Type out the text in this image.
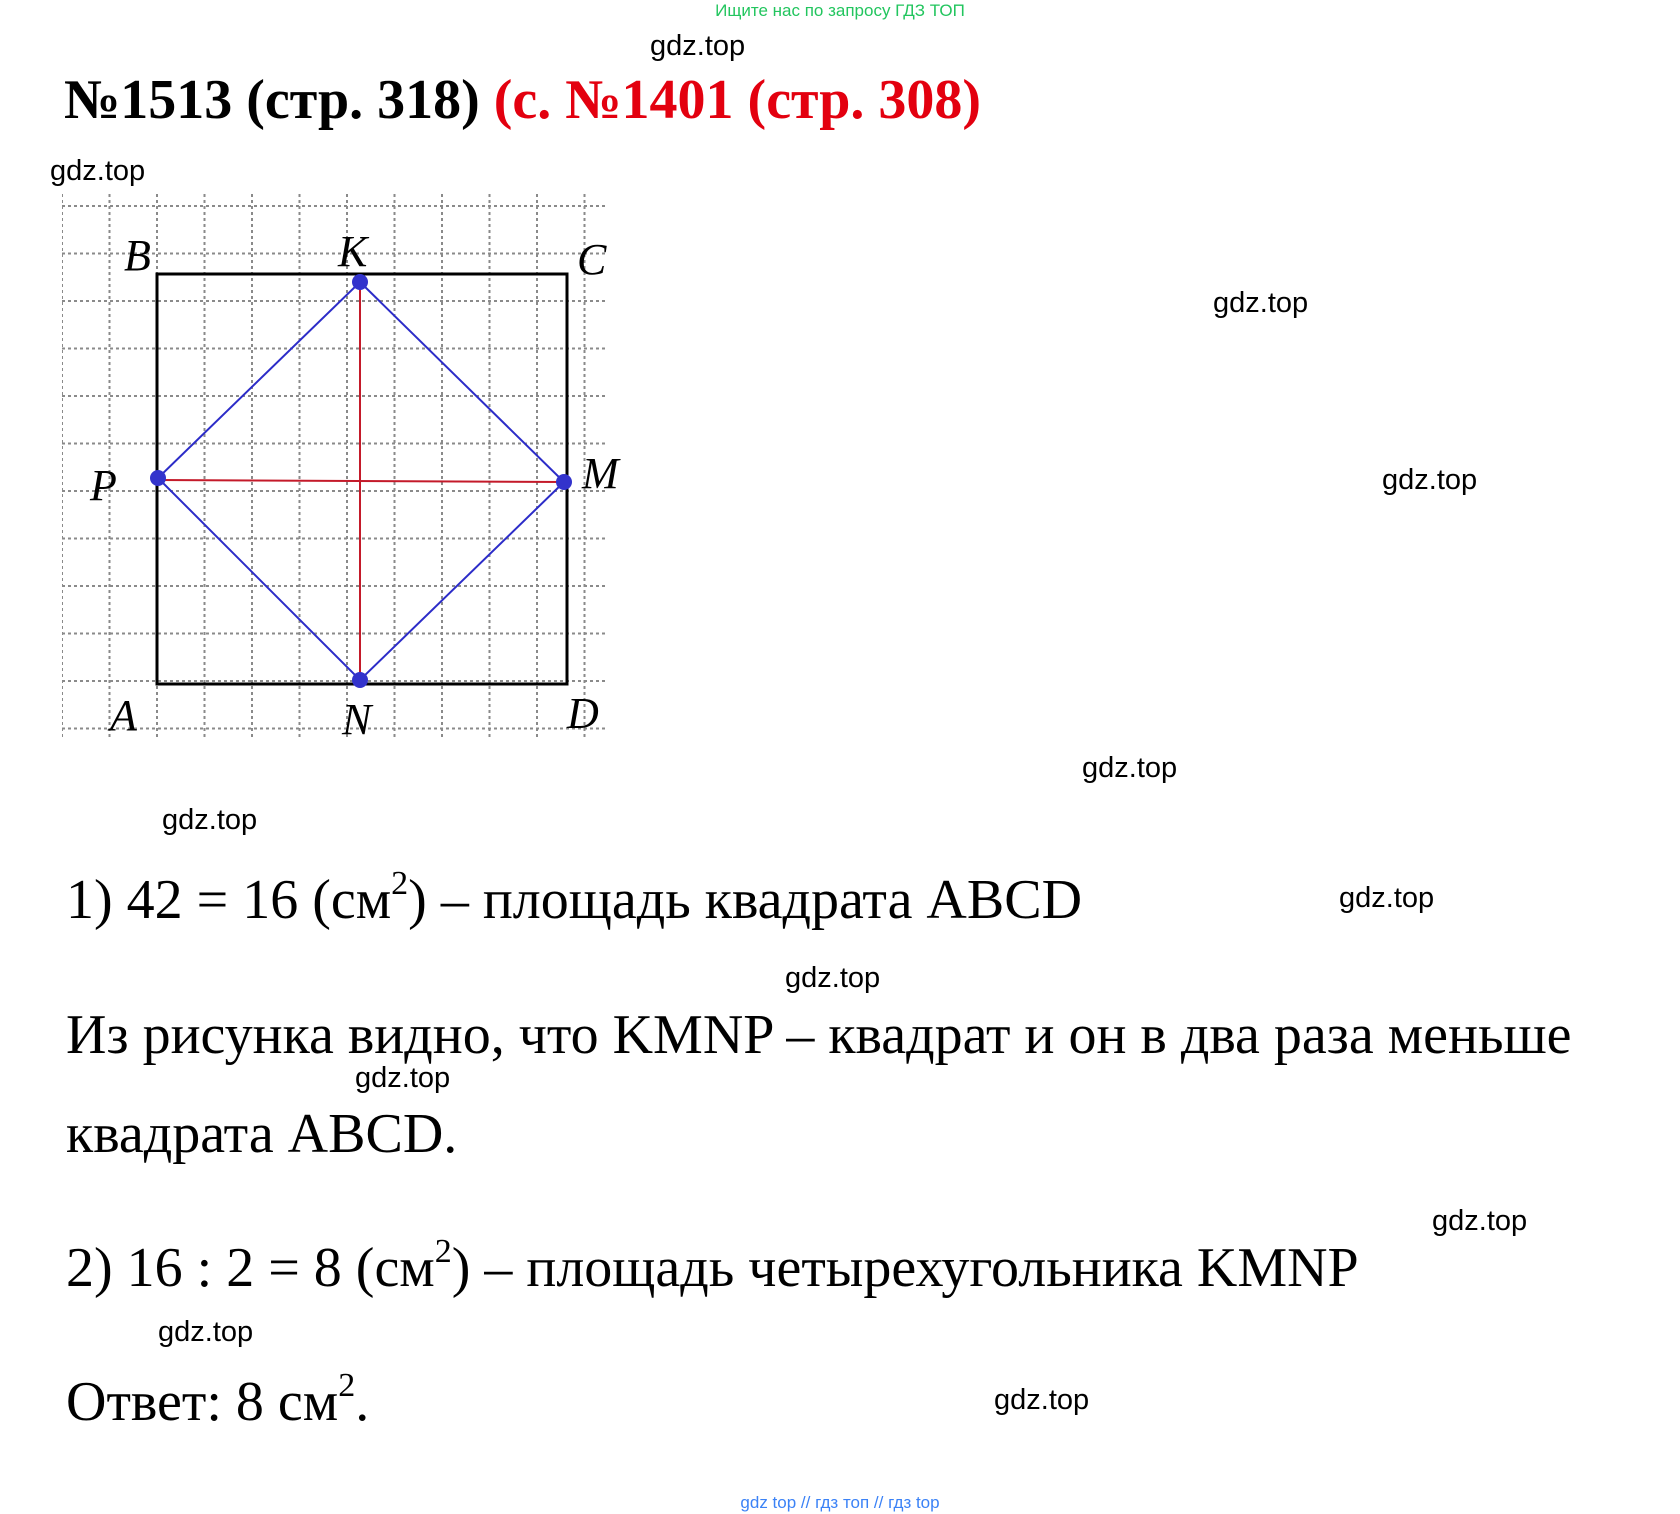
Ищите нас по запросу ГДЗ ТОП
gdz.top
gdz.top
gdz.top
gdz.top
gdz.top
gdz.top
gdz.top
gdz.top
gdz.top
gdz.top
gdz.top
gdz.top
№1513 (стр. 318) (с. №1401 (стр. 308)
B	K	C
P	M
A	N	D
1) 42 = 16 $(см^2)$ – площадь квадрата ABCD
Из рисунка видно, что KMNP – квадрат и он в два раза меньше
квадрата ABCD.
2) 16 : 2 = 8 $(см^2)$ – площадь четырехугольника KMNP
Ответ: 8 $см^2$.
gdz top // гдз топ // гдз top
